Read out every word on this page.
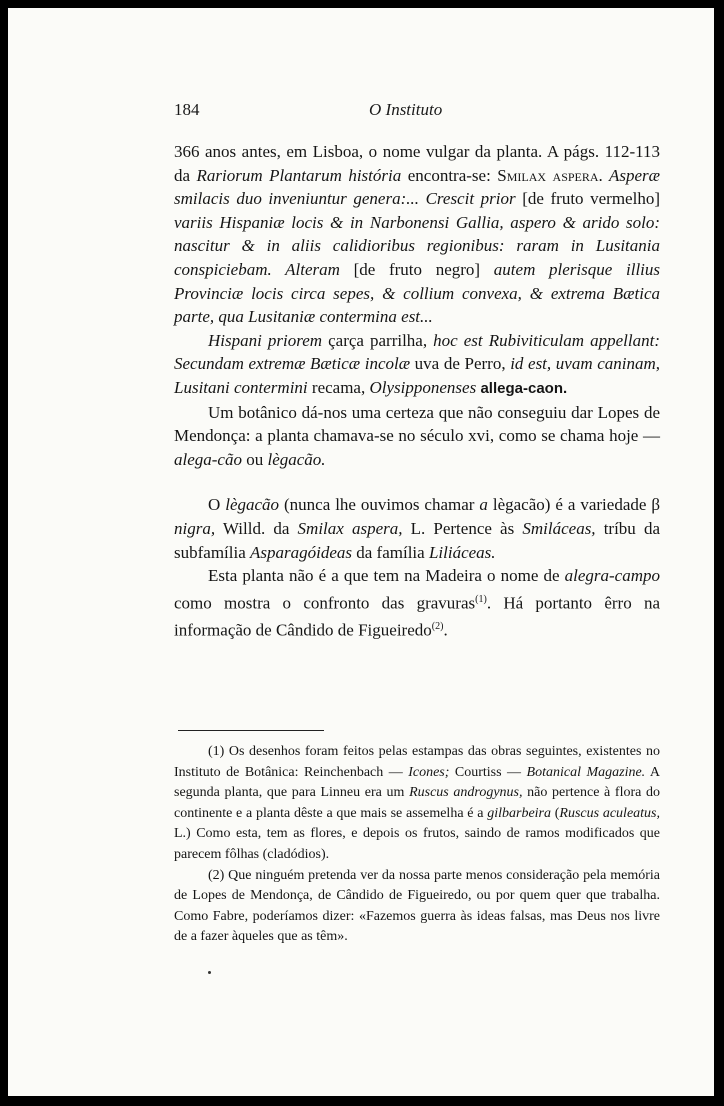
184	O Instituto

366 anos antes, em Lisboa, o nome vulgar da planta. A págs. 112-113 da Rariorum Plantarum história encontra-se: Smilax aspera. Asperæ smilacis duo inveniuntur genera:... Crescit prior [de fruto vermelho] variis Hispaniæ locis & in Narbonensi Gallia, aspero & arido solo: nascitur & in aliis calidioribus regionibus: raram in Lusitania conspiciebam. Alteram [de fruto negro] autem plerisque illius Provinciæ locis circa sepes, & collium convexa, & extrema Bætica parte, qua Lusitaniæ contermina est...

Hispani priorem çarça parrilha, hoc est Rubiviticulam appellant: Secundam extremæ Bæticæ incolæ uva de Perro, id est, uvam caninam, Lusitani contermini recama, Olysipponenses allega-caon.

Um botânico dá-nos uma certeza que não conseguiu dar Lopes de Mendonça: a planta chamava-se no século xvi, como se chama hoje — alega-cão ou lègacão.

O lègacão (nunca lhe ouvimos chamar a lègacão) é a variedade β nigra, Willd. da Smilax aspera, L. Pertence às Smiláceas, tríbu da subfamília Asparagóideas da família Liliáceas.

Esta planta não é a que tem na Madeira o nome de alegra-campo como mostra o confronto das gravuras$^{(1)}$. Há portanto êrro na informação de Cândido de Figueiredo$^{(2)}$.

(1) Os desenhos foram feitos pelas estampas das obras seguintes, existentes no Instituto de Botânica: Reinchenbach — Icones; Courtiss — Botanical Magazine. A segunda planta, que para Linneu era um Ruscus androgynus, não pertence à flora do continente e a planta dêste a que mais se assemelha é a gilbarbeira (Ruscus aculeatus, L.) Como esta, tem as flores, e depois os frutos, saindo de ramos modificados que parecem fôlhas (cladódios).

(2) Que ninguém pretenda ver da nossa parte menos consideração pela memória de Lopes de Mendonça, de Cândido de Figueiredo, ou por quem quer que trabalha. Como Fabre, poderíamos dizer: «Fazemos guerra às ideas falsas, mas Deus nos livre de a fazer àqueles que as têm».
